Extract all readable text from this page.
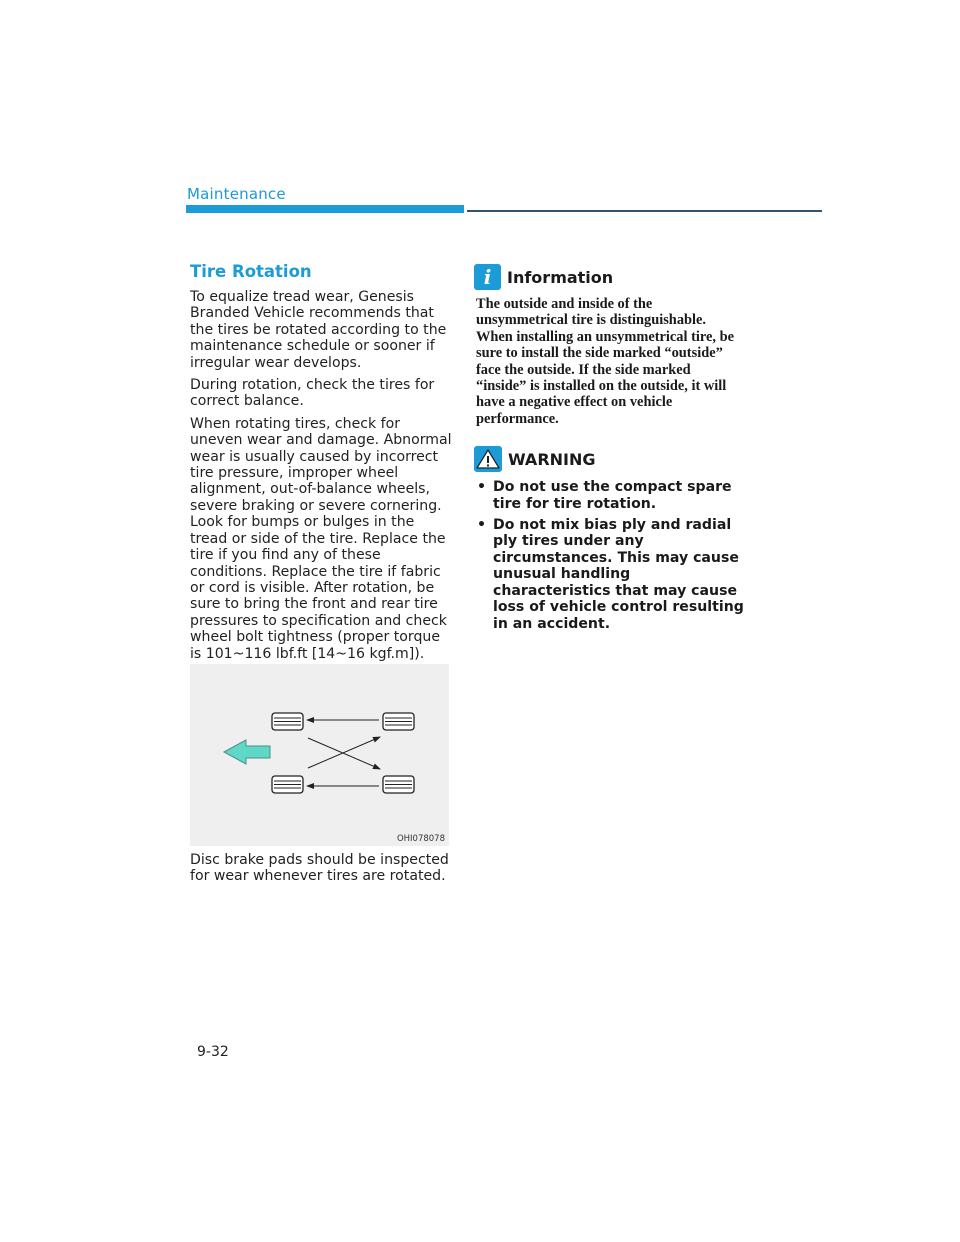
Maintenance
Tire Rotation

To equalize tread wear, Genesis Branded Vehicle recommends that the tires be rotated according to the maintenance schedule or sooner if irregular wear develops.

During rotation, check the tires for correct balance.

When rotating tires, check for uneven wear and damage. Abnormal wear is usually caused by incorrect tire pressure, improper wheel alignment, out-of-balance wheels, severe braking or severe cornering. Look for bumps or bulges in the tread or side of the tire. Replace the tire if you find any of these conditions. Replace the tire if fabric or cord is visible. After rotation, be sure to bring the front and rear tire pressures to specification and check wheel bolt tightness (proper torque is 101~116 lbf.ft [14~16 kgf.m]).

OHI078078

Disc brake pads should be inspected for wear whenever tires are rotated.

i Information

The outside and inside of the unsymmetrical tire is distinguishable. When installing an unsymmetrical tire, be sure to install the side marked “outside” face the outside. If the side marked “inside” is installed on the outside, it will have a negative effect on vehicle performance.

WARNING
• Do not use the compact spare tire for tire rotation.
• Do not mix bias ply and radial ply tires under any circumstances. This may cause unusual handling characteristics that may cause loss of vehicle control resulting in an accident.
9-32
